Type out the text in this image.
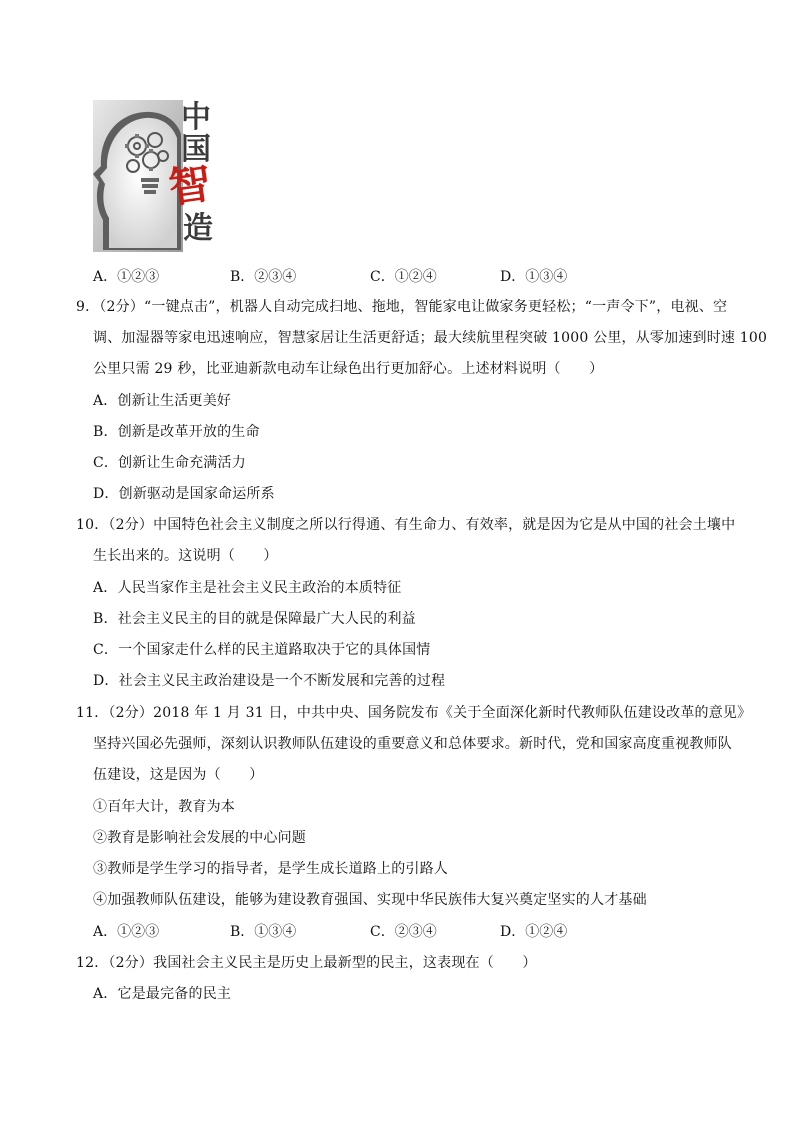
中
国
智
造
A．①②③	B．②③④	C．①②④	D．①③④
9．（2分）“一键点击”，机器人自动完成扫地、拖地，智能家电让做家务更轻松；“一声令下”，电视、空
调、加湿器等家电迅速响应，智慧家居让生活更舒适；最大续航里程突破 1000 公里，从零加速到时速 100
公里只需 29 秒，比亚迪新款电动车让绿色出行更加舒心。上述材料说明（　　）
A．创新让生活更美好
B．创新是改革开放的生命
C．创新让生命充满活力
D．创新驱动是国家命运所系
10．（2分）中国特色社会主义制度之所以行得通、有生命力、有效率，就是因为它是从中国的社会土壤中
生长出来的。这说明（　　）
A．人民当家作主是社会主义民主政治的本质特征
B．社会主义民主的目的就是保障最广大人民的利益
C．一个国家走什么样的民主道路取决于它的具体国情
D．社会主义民主政治建设是一个不断发展和完善的过程
11．（2分）2018 年 1 月 31 日，中共中央、国务院发布《关于全面深化新时代教师队伍建设改革的意见》
坚持兴国必先强师，深刻认识教师队伍建设的重要意义和总体要求。新时代，党和国家高度重视教师队
伍建设，这是因为（　　）
①百年大计，教育为本
②教育是影响社会发展的中心问题
③教师是学生学习的指导者，是学生成长道路上的引路人
④加强教师队伍建设，能够为建设教育强国、实现中华民族伟大复兴奠定坚实的人才基础
A．①②③	B．①③④	C．②③④	D．①②④
12．（2分）我国社会主义民主是历史上最新型的民主，这表现在（　　）
A．它是最完备的民主
